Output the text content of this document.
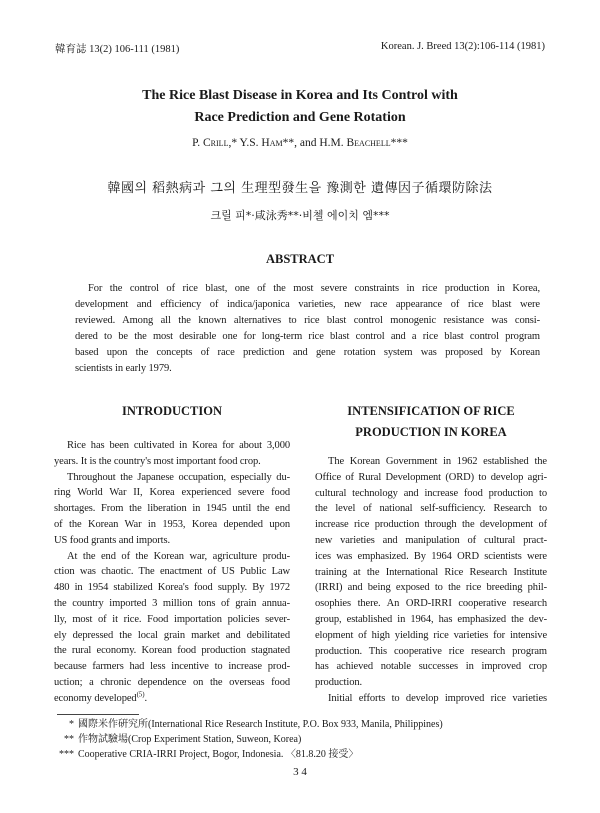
韓育誌 13(2) 106-111 (1981)	Korean. J. Breed 13(2):106-114 (1981)
The Rice Blast Disease in Korea and Its Control with
Race Prediction and Gene Rotation
P. Crill,* Y.S. Ham**, and H.M. Beachell***
韓國의 稻熱病과 그의 生理型發生을 豫測한 遺傳因子循環防除法
크릴 피*·咸泳秀**·비첼 에이치 엠***
ABSTRACT
For the control of rice blast, one of the most severe constraints in rice production in Korea,
development and efficiency of indica/japonica varieties, new race appearance of rice blast were
reviewed. Among all the known alternatives to rice blast control monogenic resistance was consi-
dered to be the most desirable one for long-term rice blast control and a rice blast control program
based upon the concepts of race prediction and gene rotation system was proposed by Korean
scientists in early 1979.
INTRODUCTION
Rice has been cultivated in Korea for about 3,000
years. It is the country's most important food crop.
Throughout the Japanese occupation, especially du-
ring World War II, Korea experienced severe food
shortages. From the liberation in 1945 until the end
of the Korean War in 1953, Korea depended upon
US food grants and imports.
At the end of the Korean war, agriculture produ-
ction was chaotic. The enactment of US Public Law
480 in 1954 stabilized Korea's food supply. By 1972
the country imported 3 million tons of grain annua-
lly, most of it rice. Food importation policies sever-
ely depressed the local grain market and debilitated
the rural economy. Korean food production stagnated
because farmers had less incentive to increase prod-
uction; a chronic dependence on the overseas food
economy developed$^{(5)}$.
INTENSIFICATION OF RICE
PRODUCTION IN KOREA
The Korean Government in 1962 established the
Office of Rural Development (ORD) to develop agri-
cultural technology and increase food production to
the level of national self-sufficiency. Research to
increase rice production through the development of
new varieties and manipulation of cultural pract-
ices was emphasized. By 1964 ORD scientists were
training at the International Rice Research Institute
(IRRI) and being exposed to the rice breeding phil-
osophies there. An ORD-IRRI cooperative research
group, established in 1964, has emphasized the dev-
elopment of high yielding rice varieties for intensive
production. This cooperative rice research program
has achieved notable successes in improved crop
production.
Initial efforts to develop improved rice varieties
* 國際米作硏究所(International Rice Research Institute, P.O. Box 933, Manila, Philippines)
** 作物試驗場(Crop Experiment Station, Suweon, Korea)
*** Cooperative CRIA-IRRI Project, Bogor, Indonesia. 〈81.8.20 接受〉
3 4
